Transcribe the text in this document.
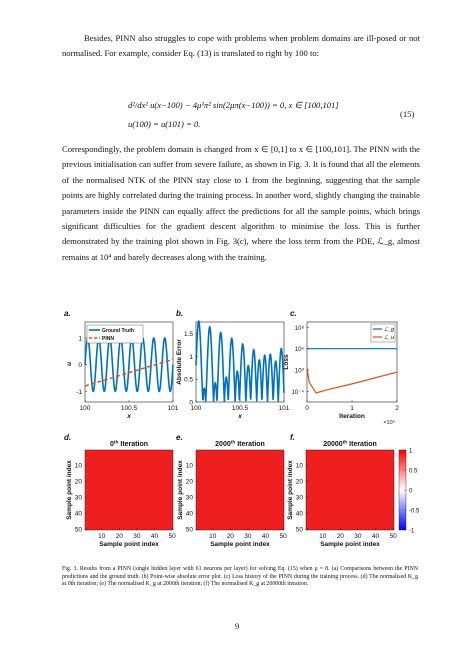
Besides, PINN also struggles to cope with problems when problem domains are ill-posed or not normalised. For example, consider Eq. (13) is translated to right by 100 to:

d²/dx² u(x−100) − 4μ²π² sin(2μπ(x−100)) = 0, x ∈ [100,101]
u(100) = u(101) = 0.
(15)

Correspondingly, the problem domain is changed from x ∈ [0,1] to x ∈ [100,101]. The PINN with the previous initialisation can suffer from severe failure, as shown in Fig. 3. It is found that all the elements of the normalised NTK of the PINN stay close to 1 from the beginning, suggesting that the sample points are highly correlated during the training process. In another word, slightly changing the trainable parameters inside the PINN can equally affect the predictions for all the sample points, which brings significant difficulties for the gradient descent algorithm to minimise the loss. This is further demonstrated by the training plot shown in Fig. 3(c), where the loss term from the PDE, ℒ_g, almost remains at 10⁴ and barely decreases along with the training.

a.	b.	c.
d.	e.	f.
-1
0
1
100	100.5	101
x
u
Ground Truth
PINN
0
0.5
1
1.5
100	100.5	101
x
Absolute Error
10⁻⁴
10⁰
10⁴
10⁸
0	1	2
Iteration
×10⁴
Loss
ℒ_g
ℒ_u
10
10
20
20
30
30
40
40
50
50
0th Iteration
Sample point index
Sample point index	10
10
20
20
30
30
40
40
50
50
2000th Iteration
Sample point index
Sample point index	10
10
20
20
30
30
40
40
50
50
20000th Iteration
Sample point index
Sample point index
1
0.5
0
-0.5
-1

Fig. 3. Results from a PINN (single hidden layer with 61 neurons per layer) for solving Eq. (15) when μ = 8. (a) Comparisons between the PINN predictions and the ground truth. (b) Point-wise absolute error plot. (c) Loss history of the PINN during the training process. (d) The normalised K_g at 0th iteration; (e) The normalised K_g at 2000th iteration; (f) The normalised K_g at 20000th iteration.

9
